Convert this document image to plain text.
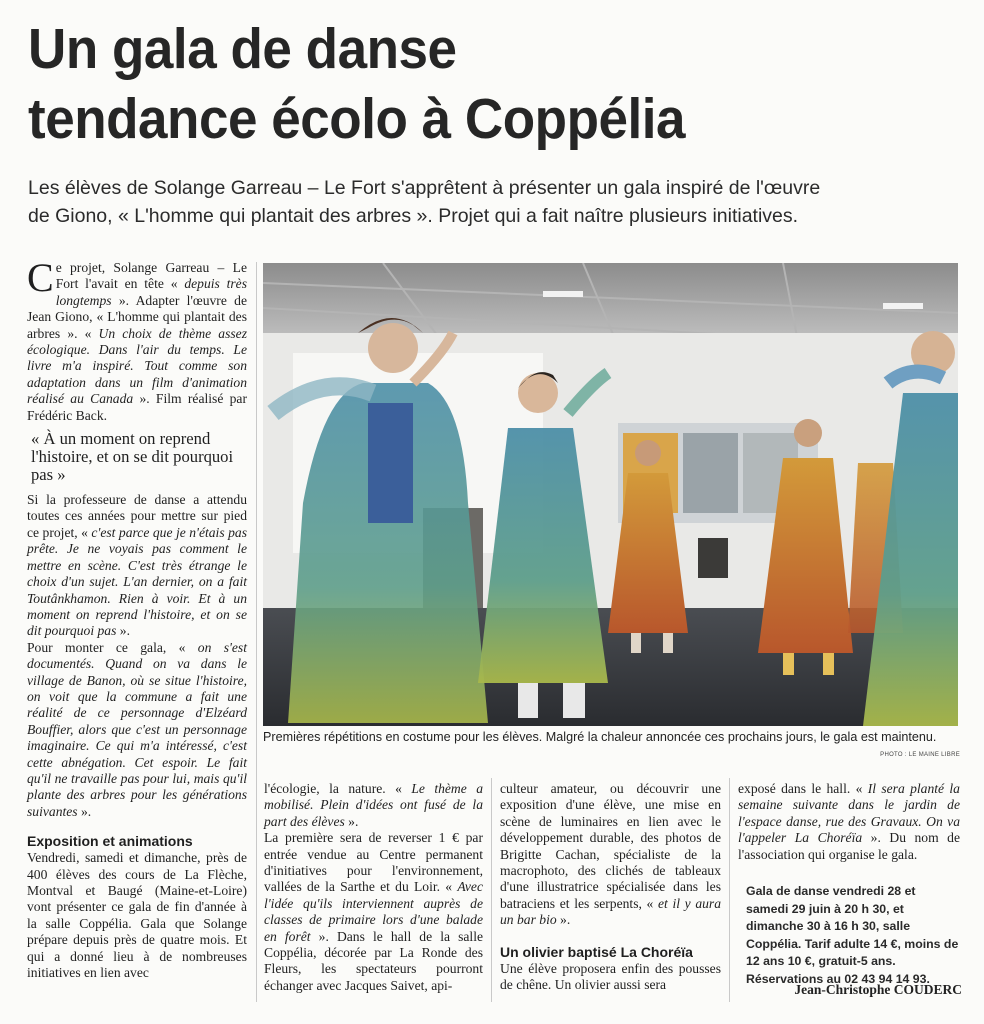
Un gala de danse
tendance écolo à Coppélia
Les élèves de Solange Garreau – Le Fort s'apprêtent à présenter un gala inspiré de l'œuvre
de Giono, « L'homme qui plantait des arbres ». Projet qui a fait naître plusieurs initiatives.

Ce projet, Solange Garreau – Le Fort l'avait en tête « depuis très longtemps ». Adapter l'œuvre de Jean Giono, « L'homme qui plantait des arbres ». « Un choix de thème assez écologique. Dans l'air du temps. Le livre m'a inspiré. Tout comme son adaptation dans un film d'animation réalisé au Canada ». Film réalisé par Frédéric Back.

« À un moment on reprend l'histoire, et on se dit pourquoi pas »

Si la professeure de danse a attendu toutes ces années pour mettre sur pied ce projet, « c'est parce que je n'étais pas prête. Je ne voyais pas comment le mettre en scène. C'est très étrange le choix d'un sujet. L'an dernier, on a fait Toutânkhamon. Rien à voir. Et à un moment on reprend l'histoire, et on se dit pourquoi pas ».

Pour monter ce gala, « on s'est documentés. Quand on va dans le village de Banon, où se situe l'histoire, on voit que la commune a fait une réalité de ce personnage d'Elzéard Bouffier, alors que c'est un personnage imaginaire. Ce qui m'a intéressé, c'est cette abnégation. Cet espoir. Le fait qu'il ne travaille pas pour lui, mais qu'il plante des arbres pour les générations suivantes ».

Exposition et animations

Vendredi, samedi et dimanche, près de 400 élèves des cours de La Flèche, Montval et Baugé (Maine-et-Loire) vont présenter ce gala de fin d'année à la salle Coppélia. Gala que Solange prépare depuis près de quatre mois. Et qui a donné lieu à de nombreuses initiatives en lien avec

Premières répétitions en costume pour les élèves. Malgré la chaleur annoncée ces prochains jours, le gala est maintenu.
PHOTO : LE MAINE LIBRE

l'écologie, la nature. « Le thème a mobilisé. Plein d'idées ont fusé de la part des élèves ».

La première sera de reverser 1 € par entrée vendue au Centre permanent d'initiatives pour l'environnement, vallées de la Sarthe et du Loir. « Avec l'idée qu'ils interviennent auprès de classes de primaire lors d'une balade en forêt ». Dans le hall de la salle Coppélia, décorée par La Ronde des Fleurs, les spectateurs pourront échanger avec Jacques Saivet, api-

culteur amateur, ou découvrir une exposition d'une élève, une mise en scène de luminaires en lien avec le développement durable, des photos de Brigitte Cachan, spécialiste de la macrophoto, des clichés de tableaux d'une illustratrice spécialisée dans les batraciens et les serpents, « et il y aura un bar bio ».

Un olivier baptisé La Choréïa

Une élève proposera enfin des pousses de chêne. Un olivier aussi sera

exposé dans le hall. « Il sera planté la semaine suivante dans le jardin de l'espace danse, rue des Gravaux. On va l'appeler La Choréïa ». Du nom de l'association qui organise le gala.

Gala de danse vendredi 28 et samedi 29 juin à 20 h 30, et dimanche 30 à 16 h 30, salle Coppélia. Tarif adulte 14 €, moins de 12 ans 10 €, gratuit-5 ans. Réservations au 02 43 94 14 93.
Jean-Christophe COUDERC
